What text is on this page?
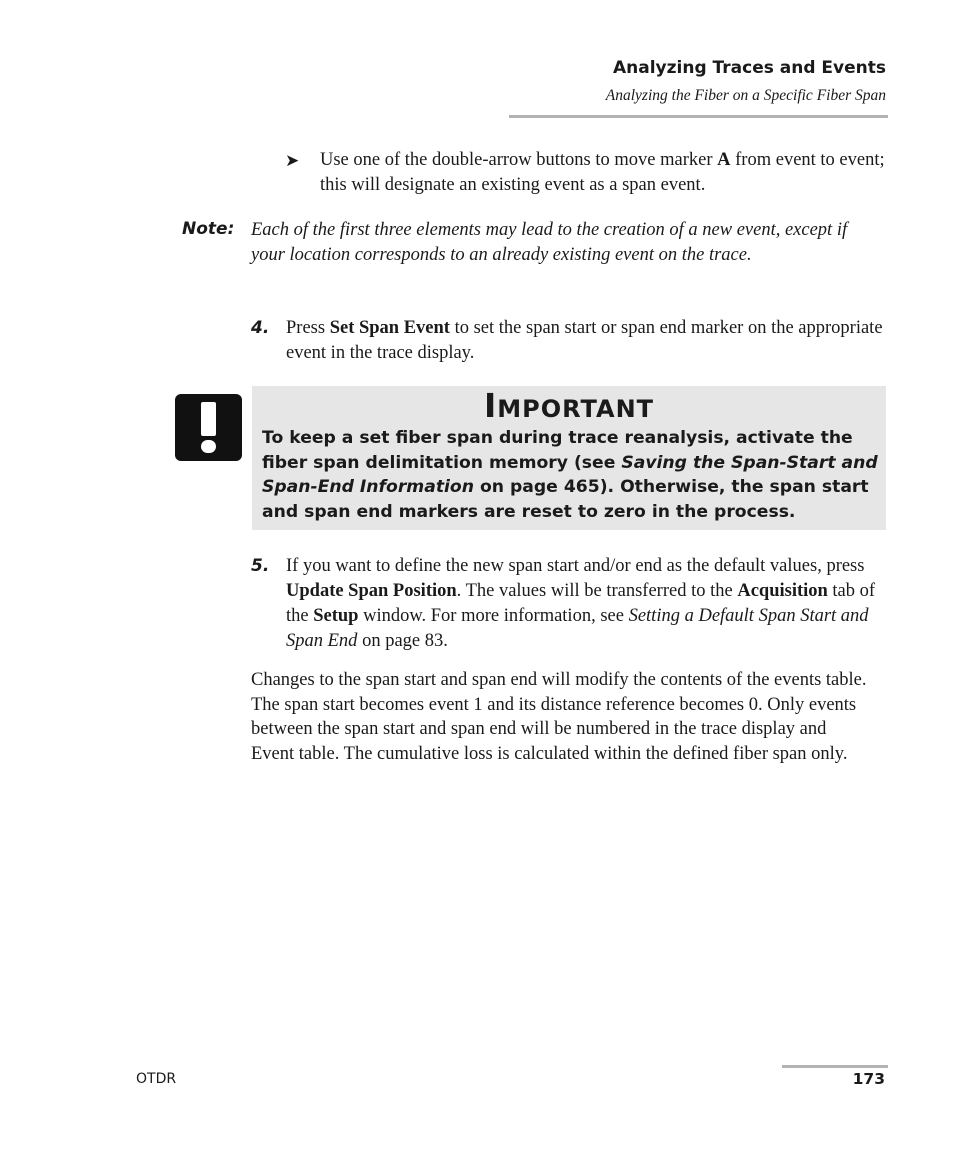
Analyzing Traces and Events
Analyzing the Fiber on a Specific Fiber Span
➤ Use one of the double-arrow buttons to move marker A from event to event; this will designate an existing event as a span event.
Note: Each of the first three elements may lead to the creation of a new event, except if your location corresponds to an already existing event on the trace.
4. Press Set Span Event to set the span start or span end marker on the appropriate event in the trace display.
IMPORTANT
To keep a set fiber span during trace reanalysis, activate the fiber span delimitation memory (see Saving the Span-Start and Span-End Information on page 465). Otherwise, the span start and span end markers are reset to zero in the process.
5. If you want to define the new span start and/or end as the default values, press Update Span Position. The values will be transferred to the Acquisition tab of the Setup window. For more information, see Setting a Default Span Start and Span End on page 83.
Changes to the span start and span end will modify the contents of the events table. The span start becomes event 1 and its distance reference becomes 0. Only events between the span start and span end will be numbered in the trace display and Event table. The cumulative loss is calculated within the defined fiber span only.
OTDR	173
